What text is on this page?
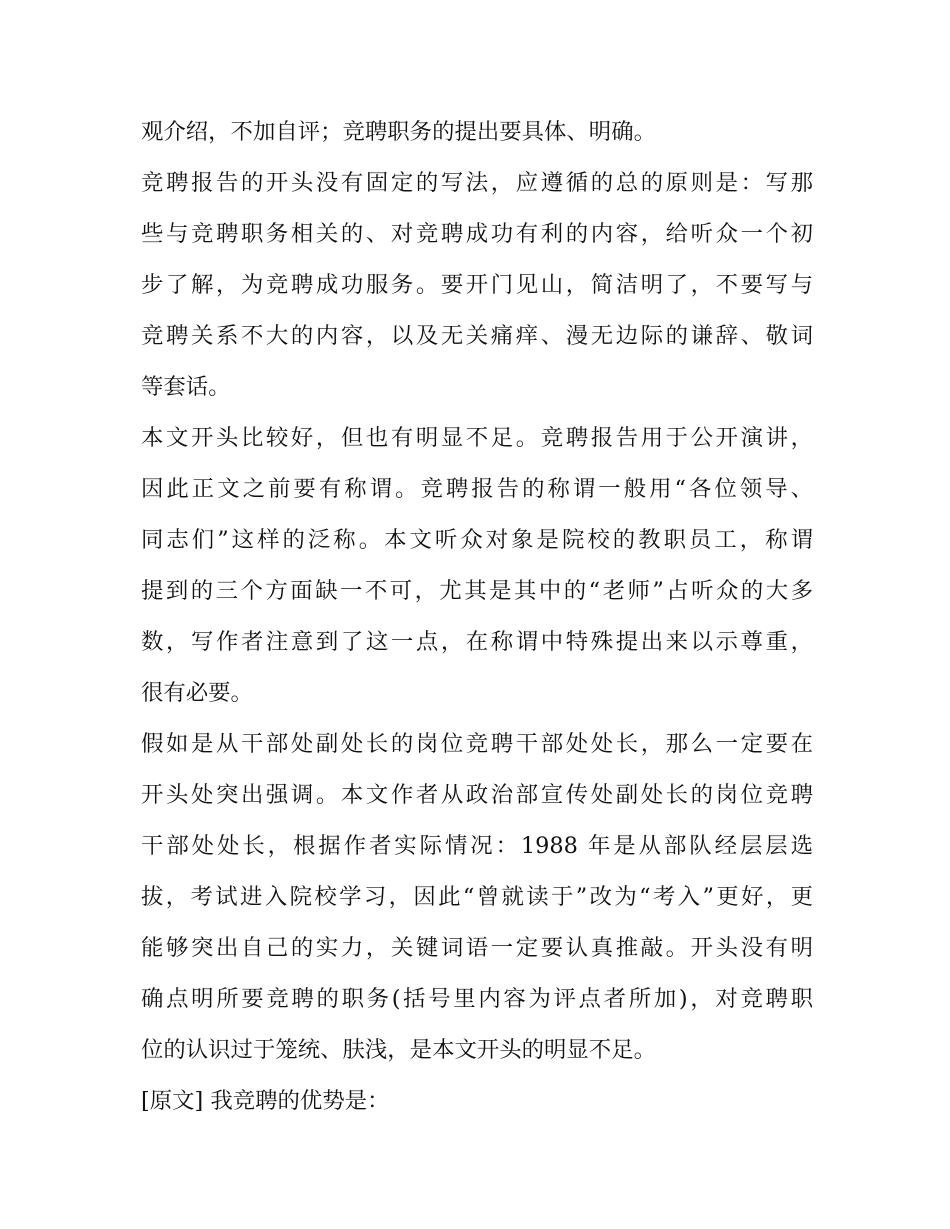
观介绍，不加自评；竞聘职务的提出要具体、明确。
竞聘报告的开头没有固定的写法，应遵循的总的原则是：写那
些与竞聘职务相关的、对竞聘成功有利的内容，给听众一个初
步了解，为竞聘成功服务。要开门见山，简洁明了，不要写与
竞聘关系不大的内容，以及无关痛痒、漫无边际的谦辞、敬词
等套话。
本文开头比较好，但也有明显不足。竞聘报告用于公开演讲，
因此正文之前要有称谓。竞聘报告的称谓一般用“各位领导、
同志们”这样的泛称。本文听众对象是院校的教职员工，称谓
提到的三个方面缺一不可，尤其是其中的“老师”占听众的大多
数，写作者注意到了这一点，在称谓中特殊提出来以示尊重，
很有必要。
假如是从干部处副处长的岗位竞聘干部处处长，那么一定要在
开头处突出强调。本文作者从政治部宣传处副处长的岗位竞聘
干部处处长，根据作者实际情况：1988 年是从部队经层层选
拔，考试进入院校学习，因此“曾就读于”改为“考入”更好，更
能够突出自己的实力，关键词语一定要认真推敲。开头没有明
确点明所要竞聘的职务(括号里内容为评点者所加)，对竞聘职
位的认识过于笼统、肤浅，是本文开头的明显不足。
[原文] 我竞聘的优势是：
